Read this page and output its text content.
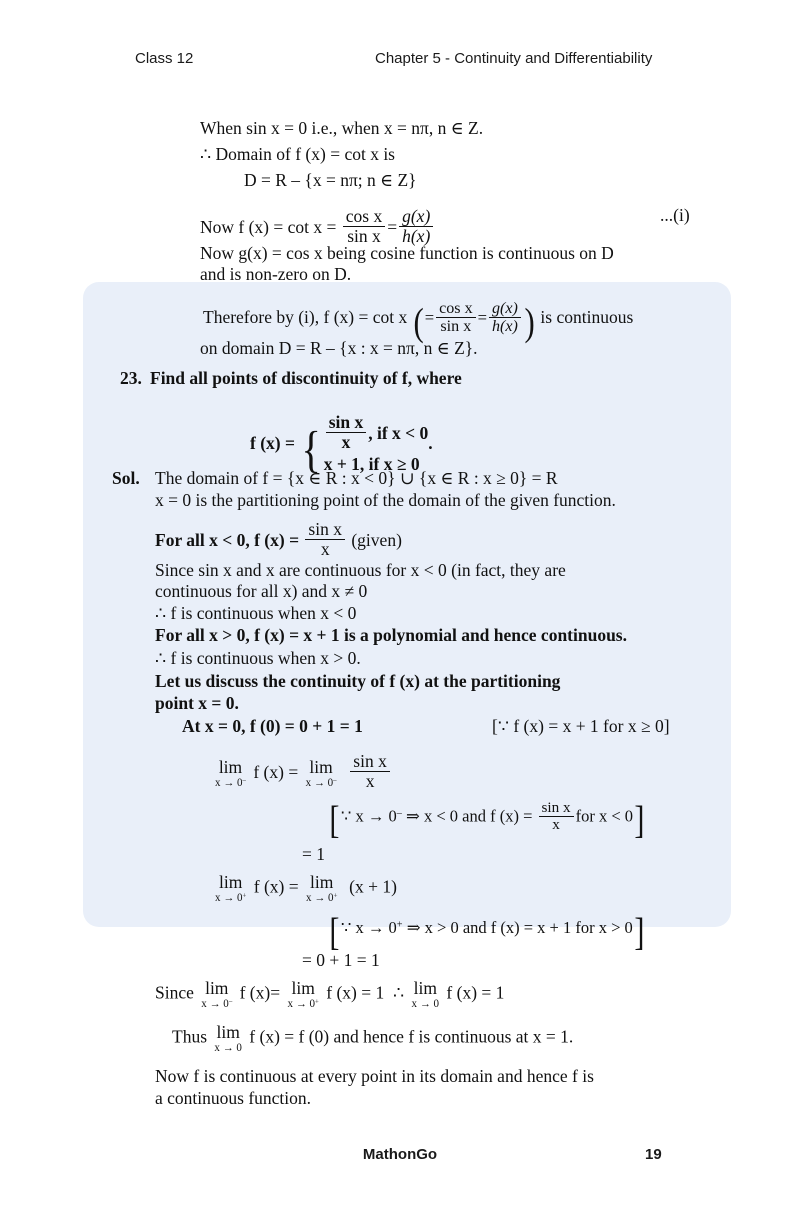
Class 12	Chapter 5 - Continuity and Differentiability
When sin x = 0 i.e., when x = nπ, n ∈ Z.
∴ Domain of f (x) = cot x is
D = R – {x = nπ; n ∈ Z}
Now f $(x) = \cot x = \frac{\text{cos x}}{\text{sin x}} = \frac{g(x)}{h(x)}$	...(i)
Now g(x) = cos x being cosine function is continuous on D
and is non-zero on D.
Therefore by (i), f (x) = cot x (= $\frac{\text{cos x}}{\text{sin x}} = \frac{g(x)}{h(x)}$ ) is continuous
on domain D = R – {x : x = nπ, n ∈ Z}.
23. Find all points of discontinuity of f, where
f (x) = { $\frac{\text{sin x}}{x}$ , if x < 0
x + 1, if x ≥ 0
.
Sol. The domain of f = {x ∈ R : x < 0} ∪ {x ∈ R : x ≥ 0} = R
x = 0 is the partitioning point of the domain of the given function.
For all x < 0, f $(x) = \frac{\text{sin x}}{x}$ (given)
Since sin x and x are continuous for x < 0 (in fact, they are
continuous for all x) and x ≠ 0
∴ f is continuous when x < 0
For all x > 0, f (x) = x + 1 is a polynomial and hence continuous.
∴ f is continuous when x > 0.
Let us discuss the continuity of f (x) at the partitioning
point x = 0.
At x = 0, f (0) = 0 + 1 = 1	[∵ f (x) = x + 1 for x ≥ 0]
lim
x → 0– f (x) = lim
x → 0–
$\frac{\text{sin x}}{x}$
[∵ x → 0– ⇒ x < 0 and f $(x) = \frac{\text{sin x}}{x}$ for x < 0]
= 1
lim
x → 0+ f (x) = lim
x → 0+ (x + 1)
[∵ x → 0+ ⇒ x > 0 and f (x) = x + 1 for x > 0]
= 0 + 1 = 1
Since lim
x → 0– f (x)= lim
x → 0+ f (x) = 1 ∴ lim
x → 0
f (x) = 1
Thus lim
x → 0
f (x) = f (0) and hence f is continuous at x = 1.
Now f is continuous at every point in its domain and hence f is
a continuous function.
MathonGo	19
